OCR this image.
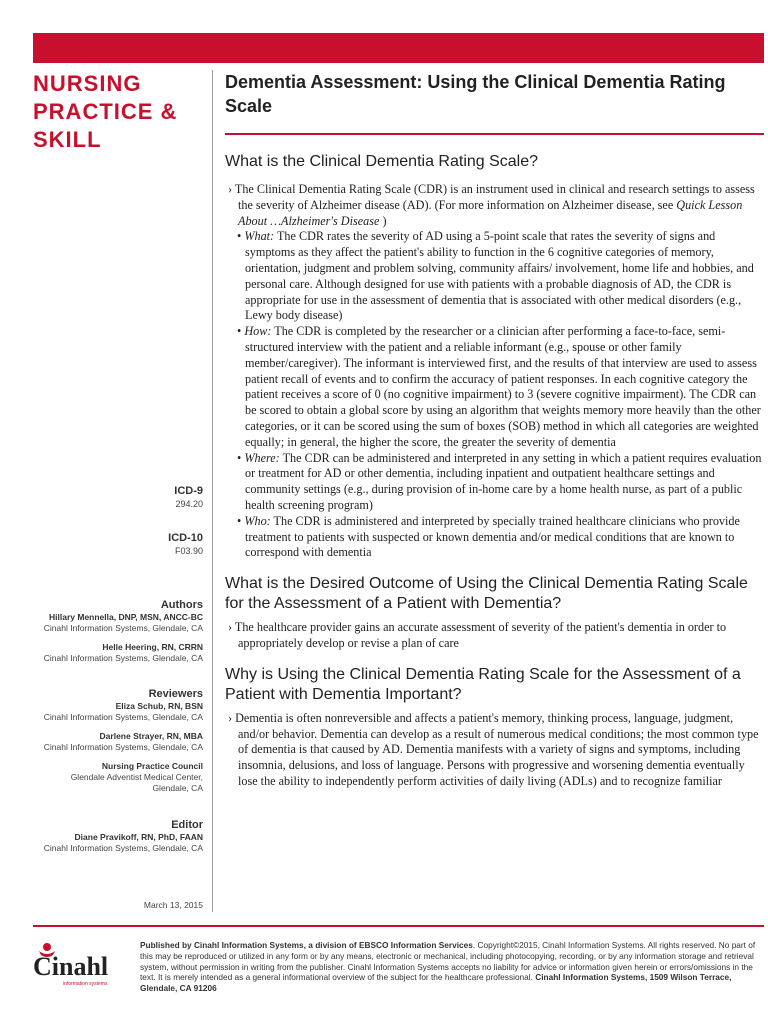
NURSING
PRACTICE &
SKILL
Dementia Assessment: Using the Clinical Dementia Rating Scale
ICD-9
294.20
ICD-10
F03.90
Authors
Hillary Mennella, DNP, MSN, ANCC-BC
Cinahl Information Systems, Glendale, CA
Helle Heering, RN, CRRN
Cinahl Information Systems, Glendale, CA
Reviewers
Eliza Schub, RN, BSN
Cinahl Information Systems, Glendale, CA
Darlene Strayer, RN, MBA
Cinahl Information Systems, Glendale, CA
Nursing Practice Council
Glendale Adventist Medical Center,
Glendale, CA
Editor
Diane Pravikoff, RN, PhD, FAAN
Cinahl Information Systems, Glendale, CA
March 13, 2015
What is the Clinical Dementia Rating Scale?

› The Clinical Dementia Rating Scale (CDR) is an instrument used in clinical and research settings to assess the severity of Alzheimer disease (AD). (For more information on Alzheimer disease, see Quick Lesson About …Alzheimer's Disease )

• What: The CDR rates the severity of AD using a 5-point scale that rates the severity of signs and symptoms as they affect the patient's ability to function in the 6 cognitive categories of memory, orientation, judgment and problem solving, community affairs/ involvement, home life and hobbies, and personal care. Although designed for use with patients with a probable diagnosis of AD, the CDR is appropriate for use in the assessment of dementia that is associated with other medical disorders (e.g., Lewy body disease)

• How: The CDR is completed by the researcher or a clinician after performing a face-to-face, semi-structured interview with the patient and a reliable informant (e.g., spouse or other family member/caregiver). The informant is interviewed first, and the results of that interview are used to assess patient recall of events and to confirm the accuracy of patient responses. In each cognitive category the patient receives a score of 0 (no cognitive impairment) to 3 (severe cognitive impairment). The CDR can be scored to obtain a global score by using an algorithm that weights memory more heavily than the other categories, or it can be scored using the sum of boxes (SOB) method in which all categories are weighted equally; in general, the higher the score, the greater the severity of dementia

• Where: The CDR can be administered and interpreted in any setting in which a patient requires evaluation or treatment for AD or other dementia, including inpatient and outpatient healthcare settings and community settings (e.g., during provision of in-home care by a home health nurse, as part of a public health screening program)

• Who: The CDR is administered and interpreted by specially trained healthcare clinicians who provide treatment to patients with suspected or known dementia and/or medical conditions that are known to correspond with dementia

What is the Desired Outcome of Using the Clinical Dementia Rating Scale for the Assessment of a Patient with Dementia?

› The healthcare provider gains an accurate assessment of severity of the patient's dementia in order to appropriately develop or revise a plan of care

Why is Using the Clinical Dementia Rating Scale for the Assessment of a Patient with Dementia Important?

› Dementia is often nonreversible and affects a patient's memory, thinking process, language, judgment, and/or behavior. Dementia can develop as a result of numerous medical conditions; the most common type of dementia is that caused by AD. Dementia manifests with a variety of signs and symptoms, including insomnia, delusions, and loss of language. Persons with progressive and worsening dementia eventually lose the ability to independently perform activities of daily living (ADLs) and to recognize familiar

Cinahl
information systems
Published by Cinahl Information Systems, a division of EBSCO Information Services. Copyright©2015, Cinahl Information Systems. All rights reserved. No part of this may be reproduced or utilized in any form or by any means, electronic or mechanical, including photocopying, recording, or by any information storage and retrieval system, without permission in writing from the publisher. Cinahl Information Systems accepts no liability for advice or information given herein or errors/omissions in the text. It is merely intended as a general informational overview of the subject for the healthcare professional. Cinahl Information Systems, 1509 Wilson Terrace, Glendale, CA 91206
